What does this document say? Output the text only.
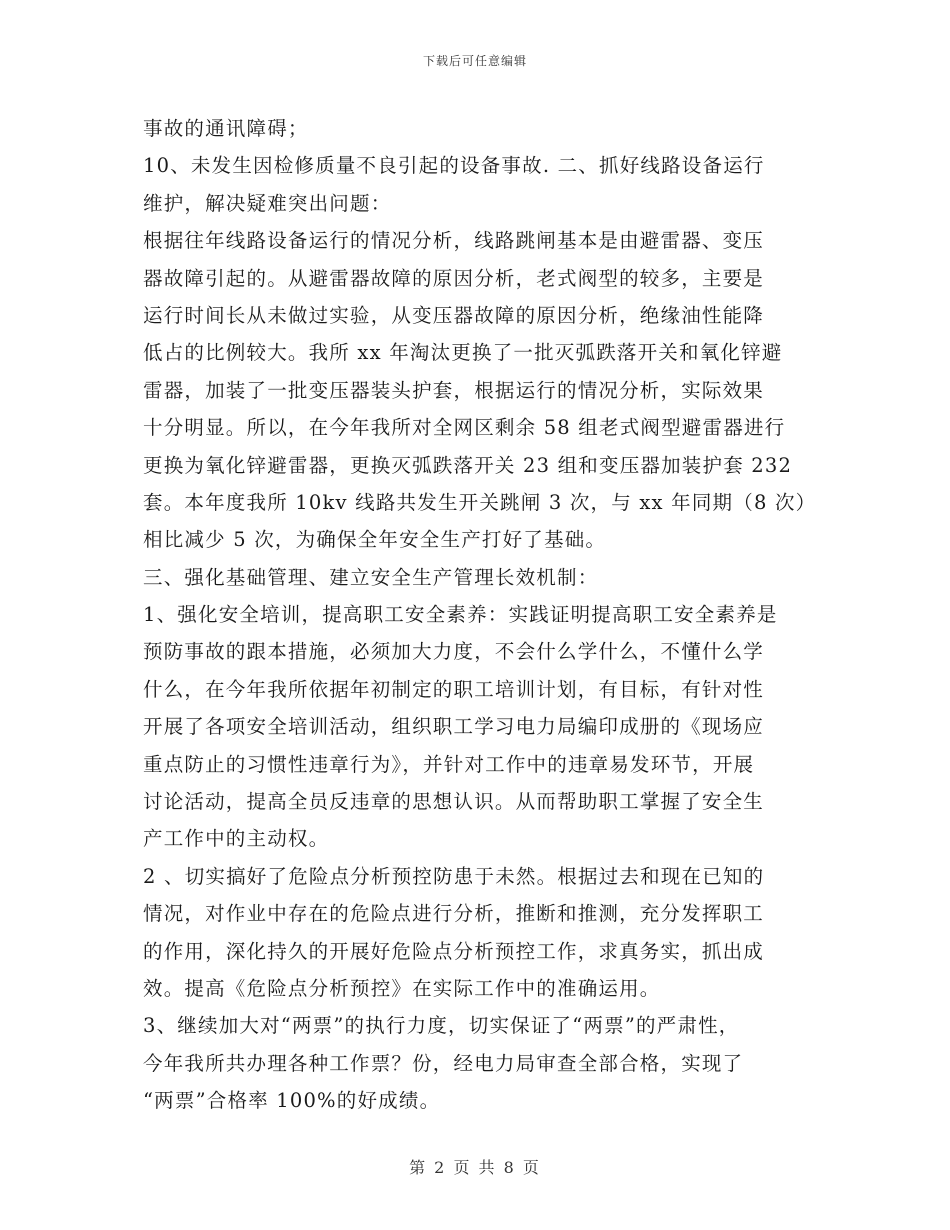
下载后可任意编辑
事故的通讯障碍；
10、未发生因检修质量不良引起的设备事故. 二、抓好线路设备运行
维护，解决疑难突出问题：
根据往年线路设备运行的情况分析，线路跳闸基本是由避雷器、变压
器故障引起的。从避雷器故障的原因分析，老式阀型的较多，主要是
运行时间长从未做过实验，从变压器故障的原因分析，绝缘油性能降
低占的比例较大。我所 xx 年淘汰更换了一批灭弧跌落开关和氧化锌避
雷器，加装了一批变压器装头护套，根据运行的情况分析，实际效果
十分明显。所以，在今年我所对全网区剩余 58 组老式阀型避雷器进行
更换为氧化锌避雷器，更换灭弧跌落开关 23 组和变压器加装护套 232
套。本年度我所 10kv 线路共发生开关跳闸 3 次，与 xx 年同期（8 次）
相比减少 5 次，为确保全年安全生产打好了基础。
三、强化基础管理、建立安全生产管理长效机制：
1、强化安全培训，提高职工安全素养：实践证明提高职工安全素养是
预防事故的跟本措施，必须加大力度，不会什么学什么，不懂什么学
什么，在今年我所依据年初制定的职工培训计划，有目标，有针对性
开展了各项安全培训活动，组织职工学习电力局编印成册的《现场应
重点防止的习惯性违章行为》，并针对工作中的违章易发环节，开展
讨论活动，提高全员反违章的思想认识。从而帮助职工掌握了安全生
产工作中的主动权。
2 、切实搞好了危险点分析预控防患于未然。根据过去和现在已知的
情况，对作业中存在的危险点进行分析，推断和推测，充分发挥职工
的作用，深化持久的开展好危险点分析预控工作，求真务实，抓出成
效。提高《危险点分析预控》在实际工作中的准确运用。
3、继续加大对“两票”的执行力度，切实保证了“两票”的严肃性，
今年我所共办理各种工作票？份，经电力局审查全部合格，实现了
“两票”合格率 100%的好成绩。
第 2 页 共 8 页
